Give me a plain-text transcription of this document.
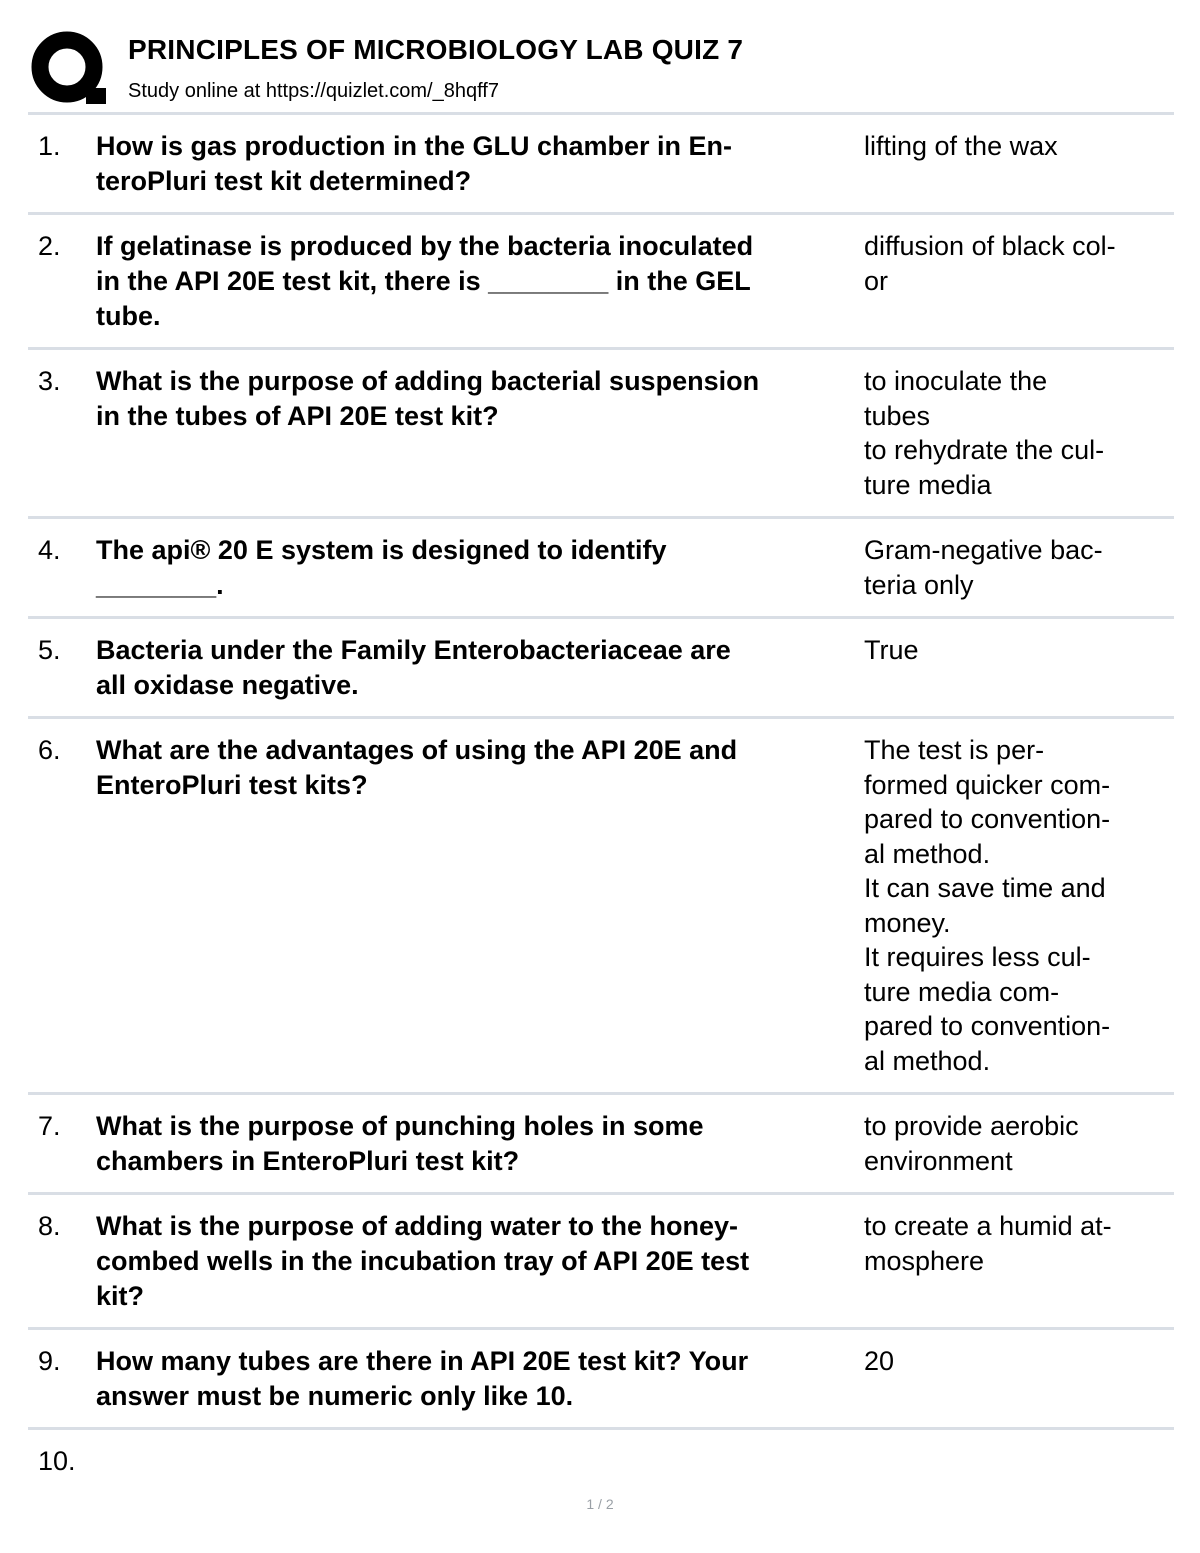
PRINCIPLES OF MICROBIOLOGY LAB QUIZ 7
Study online at https://quizlet.com/_8hqff7
1. How is gas production in the GLU chamber in En-
teroPluri test kit determined?
lifting of the wax
2. If gelatinase is produced by the bacteria inoculated
in the API 20E test kit, there is ________ in the GEL
tube.
diffusion of black col-
or
3. What is the purpose of adding bacterial suspension
in the tubes of API 20E test kit?
to inoculate the
tubes
to rehydrate the cul-
ture media
4. The api® 20 E system is designed to identify
________.
Gram-negative bac-
teria only
5. Bacteria under the Family Enterobacteriaceae are
all oxidase negative.
True
6. What are the advantages of using the API 20E and
EnteroPluri test kits?
The test is per-
formed quicker com-
pared to convention-
al method.
It can save time and
money.
It requires less cul-
ture media com-
pared to convention-
al method.
7. What is the purpose of punching holes in some
chambers in EnteroPluri test kit?
to provide aerobic
environment
8. What is the purpose of adding water to the honey-
combed wells in the incubation tray of API 20E test
kit?
to create a humid at-
mosphere
9. How many tubes are there in API 20E test kit? Your
answer must be numeric only like 10.
20
10.
1 / 2
